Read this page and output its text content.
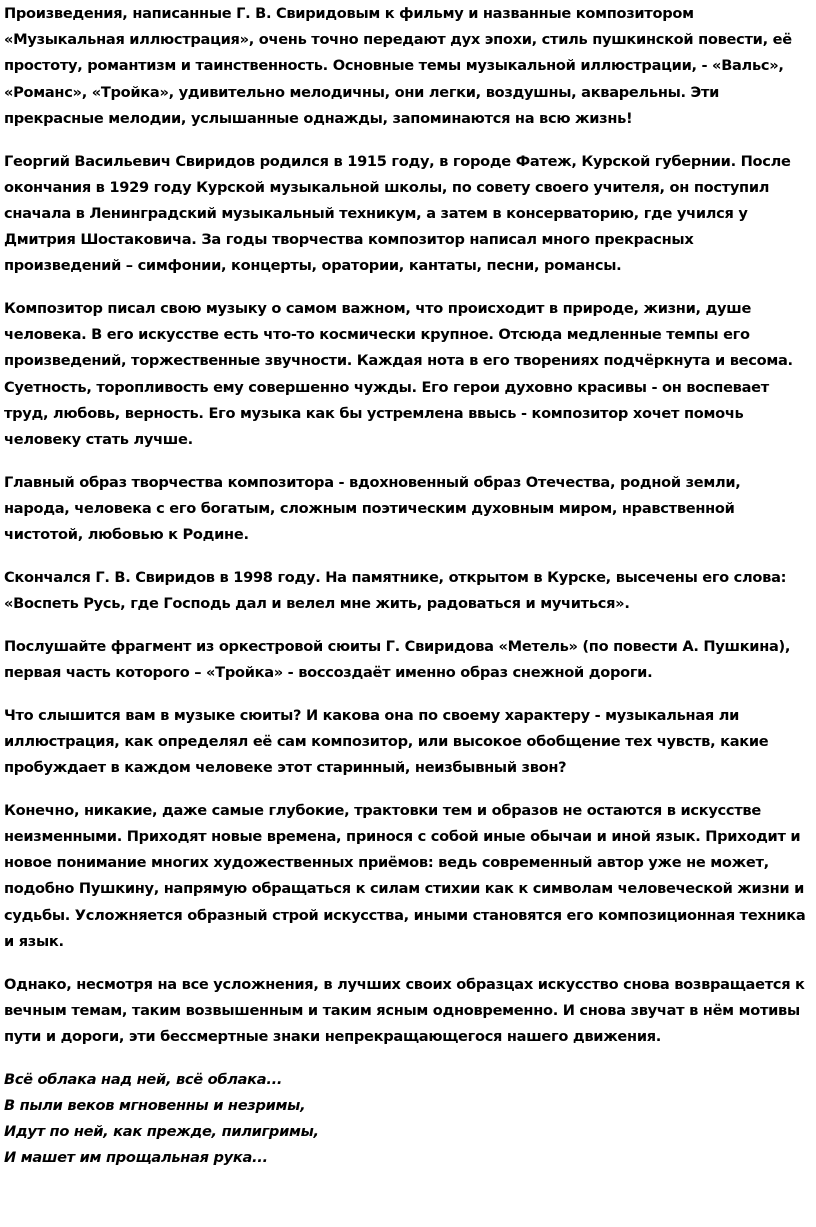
Произведения, написанные Г. В. Свиридовым к фильму и названные композитором «Музыкальная иллюстрация», очень точно передают дух эпохи, стиль пушкинской повести, её простоту, романтизм и таинственность. Основные темы музыкальной иллюстрации, - «Вальс», «Романс», «Тройка», удивительно мелодичны, они легки, воздушны, акварельны. Эти прекрасные мелодии, услышанные однажды, запоминаются на всю жизнь!

Георгий Васильевич Свиридов родился в 1915 году, в городе Фатеж, Курской губернии. После окончания в 1929 году Курской музыкальной школы, по совету своего учителя, он поступил сначала в Ленинградский музыкальный техникум, а затем в консерваторию, где учился у Дмитрия Шостаковича. За годы творчества композитор написал много прекрасных произведений – симфонии, концерты, оратории, кантаты, песни, романсы.

Композитор писал свою музыку о самом важном, что происходит в природе, жизни, душе человека. В его искусстве есть что-то космически крупное. Отсюда медленные темпы его произведений, торжественные звучности. Каждая нота в его творениях подчёркнута и весома. Суетность, торопливость ему совершенно чужды. Его герои духовно красивы - он воспевает труд, любовь, верность. Его музыка как бы устремлена ввысь - композитор хочет помочь человеку стать лучше.

Главный образ творчества композитора - вдохновенный образ Отечества, родной земли, народа, человека с его богатым, сложным поэтическим духовным миром, нравственной чистотой, любовью к Родине.

Скончался Г. В. Свиридов в 1998 году. На памятнике, открытом в Курске, высечены его слова: «Воспеть Русь, где Господь дал и велел мне жить, радоваться и мучиться».

Послушайте фрагмент из оркестровой сюиты Г. Свиридова «Метель» (по повести А. Пушкина), первая часть которого – «Тройка» - воссоздаёт именно образ снежной дороги.

Что слышится вам в музыке сюиты? И какова она по своему характеру - музыкальная ли иллюстрация, как определял её сам композитор, или высокое обобщение тех чувств, какие пробуждает в каждом человеке этот старинный, неизбывный звон?

Конечно, никакие, даже самые глубокие, трактовки тем и образов не остаются в искусстве неизменными. Приходят новые времена, принося с собой иные обычаи и иной язык. Приходит и новое понимание многих художественных приёмов: ведь современный автор уже не может, подобно Пушкину, напрямую обращаться к силам стихии как к символам человеческой жизни и судьбы. Усложняется образный строй искусства, иными становятся его композиционная техника и язык.

Однако, несмотря на все усложнения, в лучших своих образцах искусство снова возвращается к вечным темам, таким возвышенным и таким ясным одновременно. И снова звучат в нём мотивы пути и дороги, эти бессмертные знаки непрекращающегося нашего движения.

Всё облака над ней, всё облака...
В пыли веков мгновенны и незримы,
Идут по ней, как прежде, пилигримы,
И машет им прощальная рука...
